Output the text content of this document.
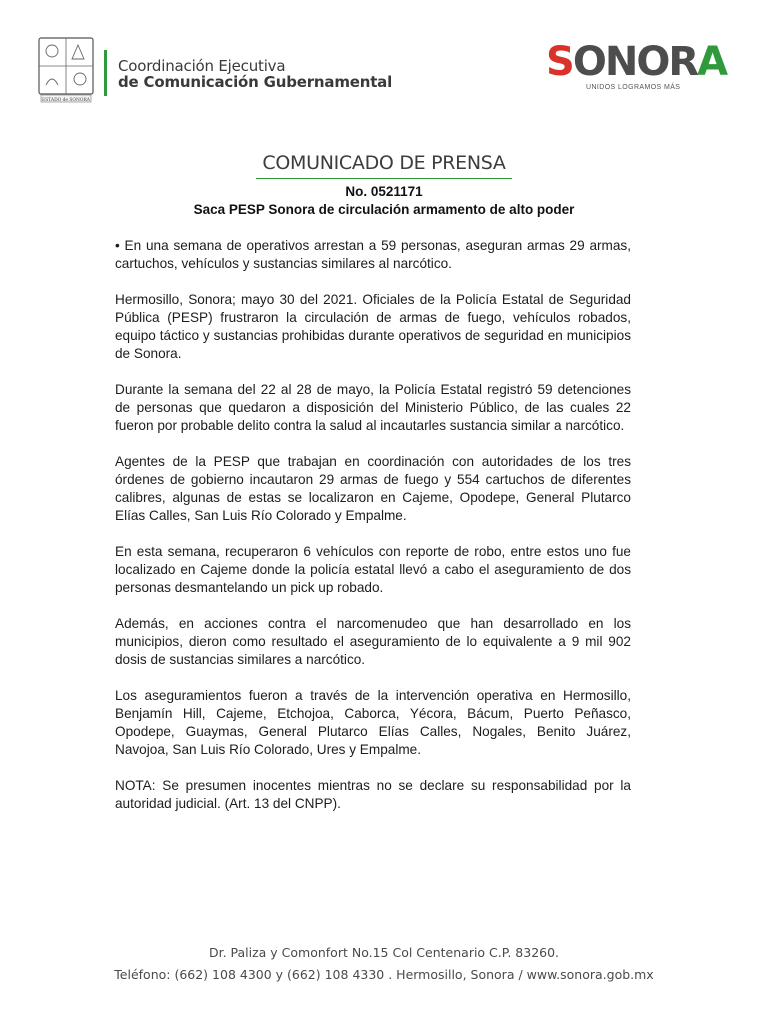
ESTADO de SONORA
Coordinación Ejecutiva
de Comunicación Gubernamental	S O N O R A
UNIDOS LOGRAMOS MÁS
COMUNICADO DE PRENSA
No. 0521171
Saca PESP Sonora de circulación armamento de alto poder

• En una semana de operativos arrestan a 59 personas, aseguran armas 29 armas, cartuchos, vehículos y sustancias similares al narcótico.

Hermosillo, Sonora; mayo 30 del 2021. Oficiales de la Policía Estatal de Seguridad Pública (PESP) frustraron la circulación de armas de fuego, vehículos robados, equipo táctico y sustancias prohibidas durante operativos de seguridad en municipios de Sonora.

Durante la semana del 22 al 28 de mayo, la Policía Estatal registró 59 detenciones de personas que quedaron a disposición del Ministerio Público, de las cuales 22 fueron por probable delito contra la salud al incautarles sustancia similar a narcótico.

Agentes de la PESP que trabajan en coordinación con autoridades de los tres órdenes de gobierno incautaron 29 armas de fuego y 554 cartuchos de diferentes calibres, algunas de estas se localizaron en Cajeme, Opodepe, General Plutarco Elías Calles, San Luis Río Colorado y Empalme.

En esta semana, recuperaron 6 vehículos con reporte de robo, entre estos uno fue localizado en Cajeme donde la policía estatal llevó a cabo el aseguramiento de dos personas desmantelando un pick up robado.

Además, en acciones contra el narcomenudeo que han desarrollado en los municipios, dieron como resultado el aseguramiento de lo equivalente a 9 mil 902 dosis de sustancias similares a narcótico.

Los aseguramientos fueron a través de la intervención operativa en Hermosillo, Benjamín Hill, Cajeme, Etchojoa, Caborca, Yécora, Bácum, Puerto Peñasco, Opodepe, Guaymas, General Plutarco Elías Calles, Nogales, Benito Juárez, Navojoa, San Luis Río Colorado, Ures y Empalme.

NOTA: Se presumen inocentes mientras no se declare su responsabilidad por la autoridad judicial. (Art. 13 del CNPP).

Dr. Paliza y Comonfort No.15 Col Centenario C.P. 83260.
Teléfono: (662) 108 4300 y (662) 108 4330 . Hermosillo, Sonora / www.sonora.gob.mx
